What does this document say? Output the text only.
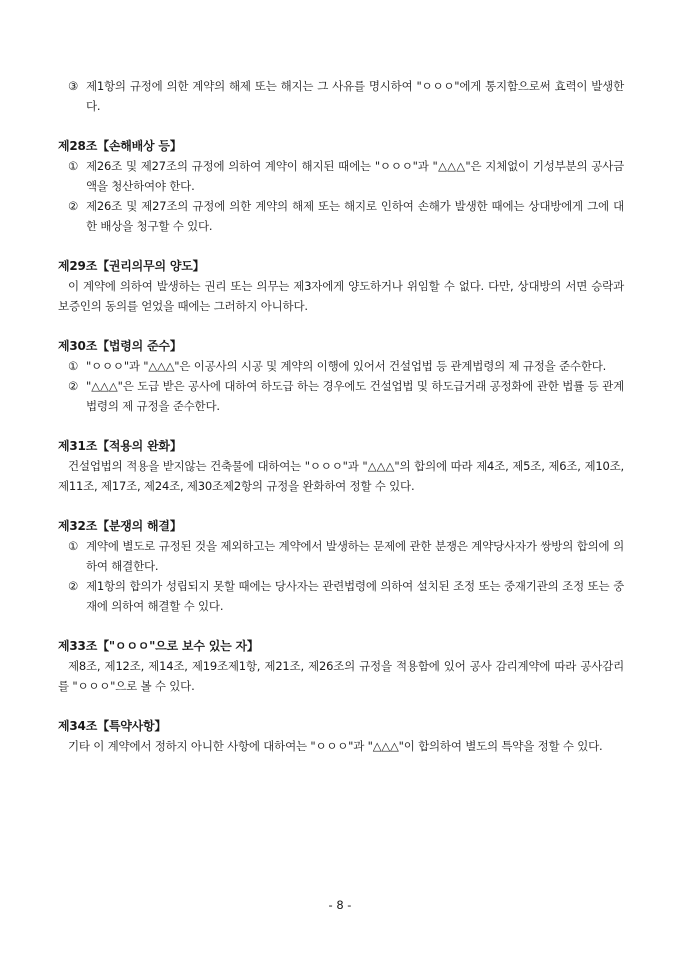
③ 제1항의 규정에 의한 계약의 해제 또는 해지는 그 사유를 명시하여 "ㅇㅇㅇ"에게 통지함으로써 효력이 발생한다.
제28조【손해배상 등】
① 제26조 및 제27조의 규정에 의하여 계약이 해지된 때에는 "ㅇㅇㅇ"과 "△△△"은 지체없이 기성부분의 공사금액을 청산하여야 한다.
② 제26조 및 제27조의 규정에 의한 계약의 해제 또는 해지로 인하여 손해가 발생한 때에는 상대방에게 그에 대한 배상을 청구할 수 있다.
제29조【권리의무의 양도】
이 계약에 의하여 발생하는 권리 또는 의무는 제3자에게 양도하거나 위임할 수 없다. 다만, 상대방의 서면 승락과 보증인의 동의를 얻었을 때에는 그러하지 아니하다.
제30조【법령의 준수】
① "ㅇㅇㅇ"과 "△△△"은 이공사의 시공 및 계약의 이행에 있어서 건설업법 등 관계법령의 제 규정을 준수한다.
② "△△△"은 도급 받은 공사에 대하여 하도급 하는 경우에도 건설업법 및 하도급거래 공정화에 관한 법률 등 관계법령의 제 규정을 준수한다.
제31조【적용의 완화】
건설업법의 적용을 받지않는 건축물에 대하여는 "ㅇㅇㅇ"과 "△△△"의 합의에 따라 제4조, 제5조, 제6조, 제10조, 제11조, 제17조, 제24조, 제30조제2항의 규정을 완화하여 정할 수 있다.
제32조【분쟁의 해결】
① 계약에 별도로 규정된 것을 제외하고는 계약에서 발생하는 문제에 관한 분쟁은 계약당사자가 쌍방의 합의에 의하여 해결한다.
② 제1항의 합의가 성립되지 못할 때에는 당사자는 관련법령에 의하여 설치된 조정 또는 중재기관의 조정 또는 중재에 의하여 해결할 수 있다.
제33조【"ㅇㅇㅇ"으로 보수 있는 자】
제8조, 제12조, 제14조, 제19조제1항, 제21조, 제26조의 규정을 적용함에 있어 공사 감리계약에 따라 공사감리를 "ㅇㅇㅇ"으로 볼 수 있다.
제34조【특약사항】
기타 이 계약에서 정하지 아니한 사항에 대하여는 "ㅇㅇㅇ"과 "△△△"이 합의하여 별도의 특약을 정할 수 있다.
- 8 -
